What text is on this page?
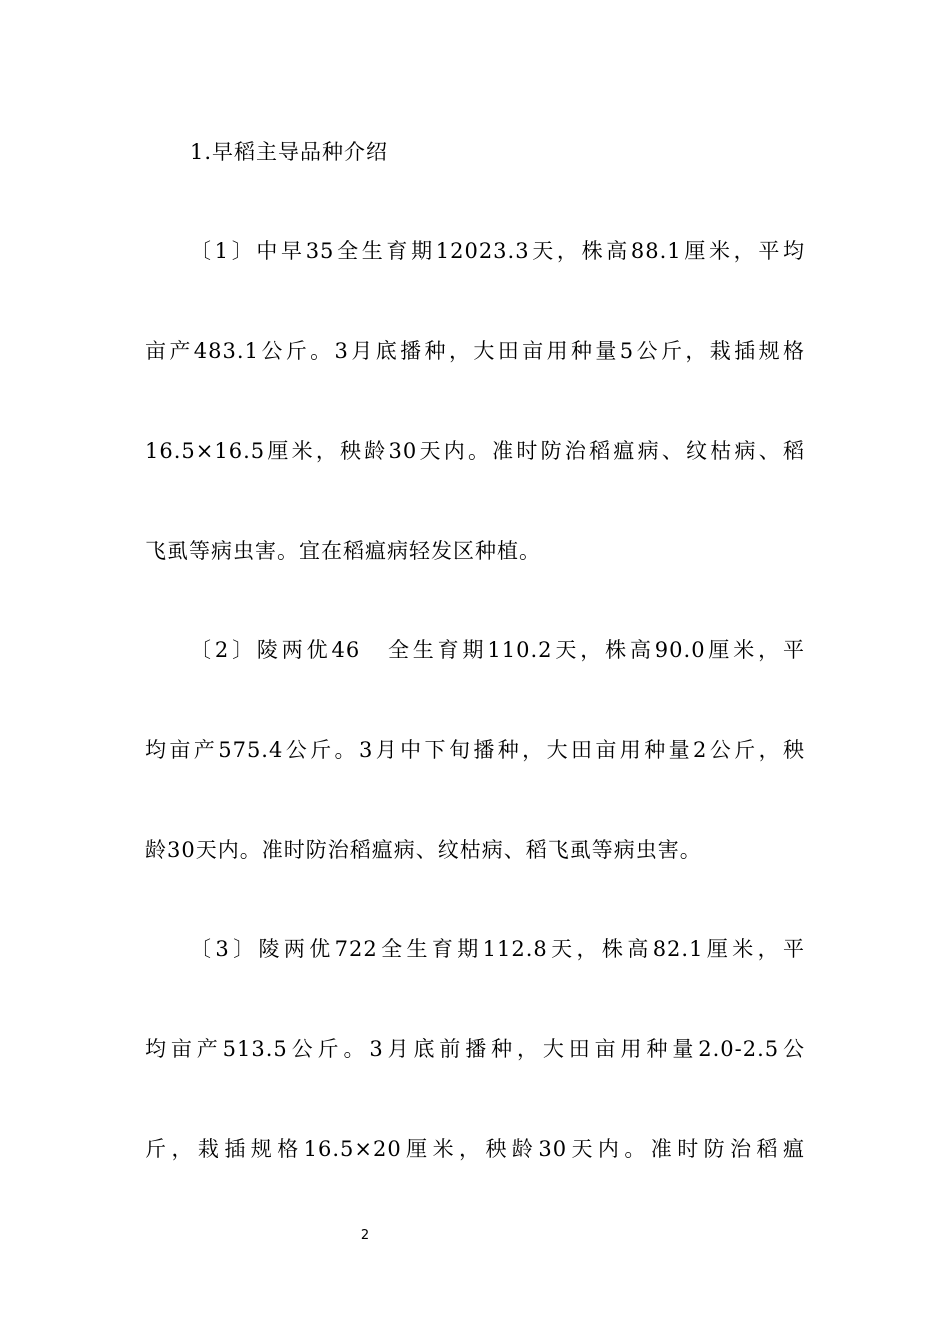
1.早稻主导品种介绍
〔1〕中早35全生育期12023.3天，株高88.1厘米，平均
亩产483.1公斤。3月底播种，大田亩用种量5公斤，栽插规格
16.5×16.5厘米，秧龄30天内。准时防治稻瘟病、纹枯病、稻
飞虱等病虫害。宜在稻瘟病轻发区种植。
〔2〕陵两优46　全生育期110.2天，株高90.0厘米，平
均亩产575.4公斤。3月中下旬播种，大田亩用种量2公斤，秧
龄30天内。准时防治稻瘟病、纹枯病、稻飞虱等病虫害。
〔3〕陵两优722全生育期112.8天，株高82.1厘米，平
均亩产513.5公斤。3月底前播种，大田亩用种量2.0-2.5公
斤，栽插规格16.5×20厘米，秧龄30天内。准时防治稻瘟
2
